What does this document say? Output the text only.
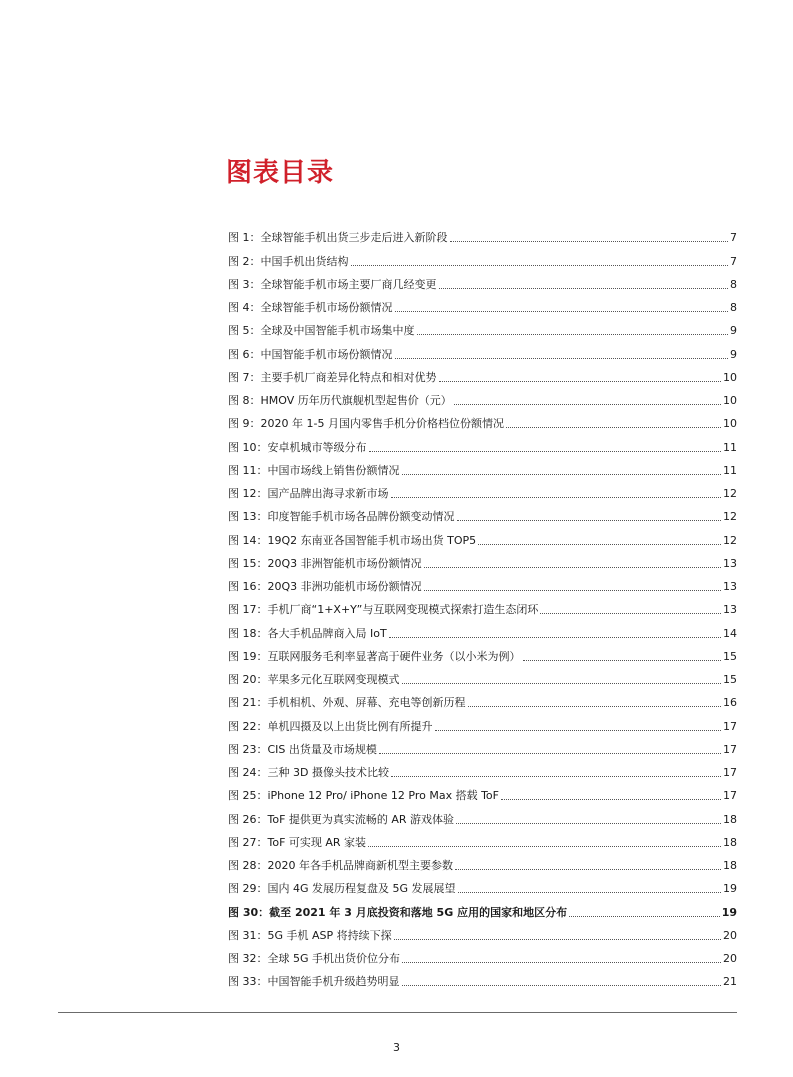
图表目录
图 1：全球智能手机出货三步走后进入新阶段	7
图 2：中国手机出货结构	7
图 3：全球智能手机市场主要厂商几经变更	8
图 4：全球智能手机市场份额情况	8
图 5：全球及中国智能手机市场集中度	9
图 6：中国智能手机市场份额情况	9
图 7：主要手机厂商差异化特点和相对优势	10
图 8：HMOV 历年历代旗舰机型起售价（元）	10
图 9：2020 年 1-5 月国内零售手机分价格档位份额情况	10
图 10：安卓机城市等级分布	11
图 11：中国市场线上销售份额情况	11
图 12：国产品牌出海寻求新市场	12
图 13：印度智能手机市场各品牌份额变动情况	12
图 14：19Q2 东南亚各国智能手机市场出货 TOP5	12
图 15：20Q3 非洲智能机市场份额情况	13
图 16：20Q3 非洲功能机市场份额情况	13
图 17：手机厂商“1+X+Y”与互联网变现模式探索打造生态闭环	13
图 18：各大手机品牌商入局 IoT	14
图 19：互联网服务毛利率显著高于硬件业务（以小米为例）	15
图 20：苹果多元化互联网变现模式	15
图 21：手机相机、外观、屏幕、充电等创新历程	16
图 22：单机四摄及以上出货比例有所提升	17
图 23：CIS 出货量及市场规模	17
图 24：三种 3D 摄像头技术比较	17
图 25：iPhone 12 Pro/ iPhone 12 Pro Max 搭载 ToF	17
图 26：ToF 提供更为真实流畅的 AR 游戏体验	18
图 27：ToF 可实现 AR 家装	18
图 28：2020 年各手机品牌商新机型主要参数	18
图 29：国内 4G 发展历程复盘及 5G 发展展望	19
图 30：截至 2021 年 3 月底投资和落地 5G 应用的国家和地区分布	19
图 31：5G 手机 ASP 将持续下探	20
图 32：全球 5G 手机出货价位分布	20
图 33：中国智能手机升级趋势明显	21
3
